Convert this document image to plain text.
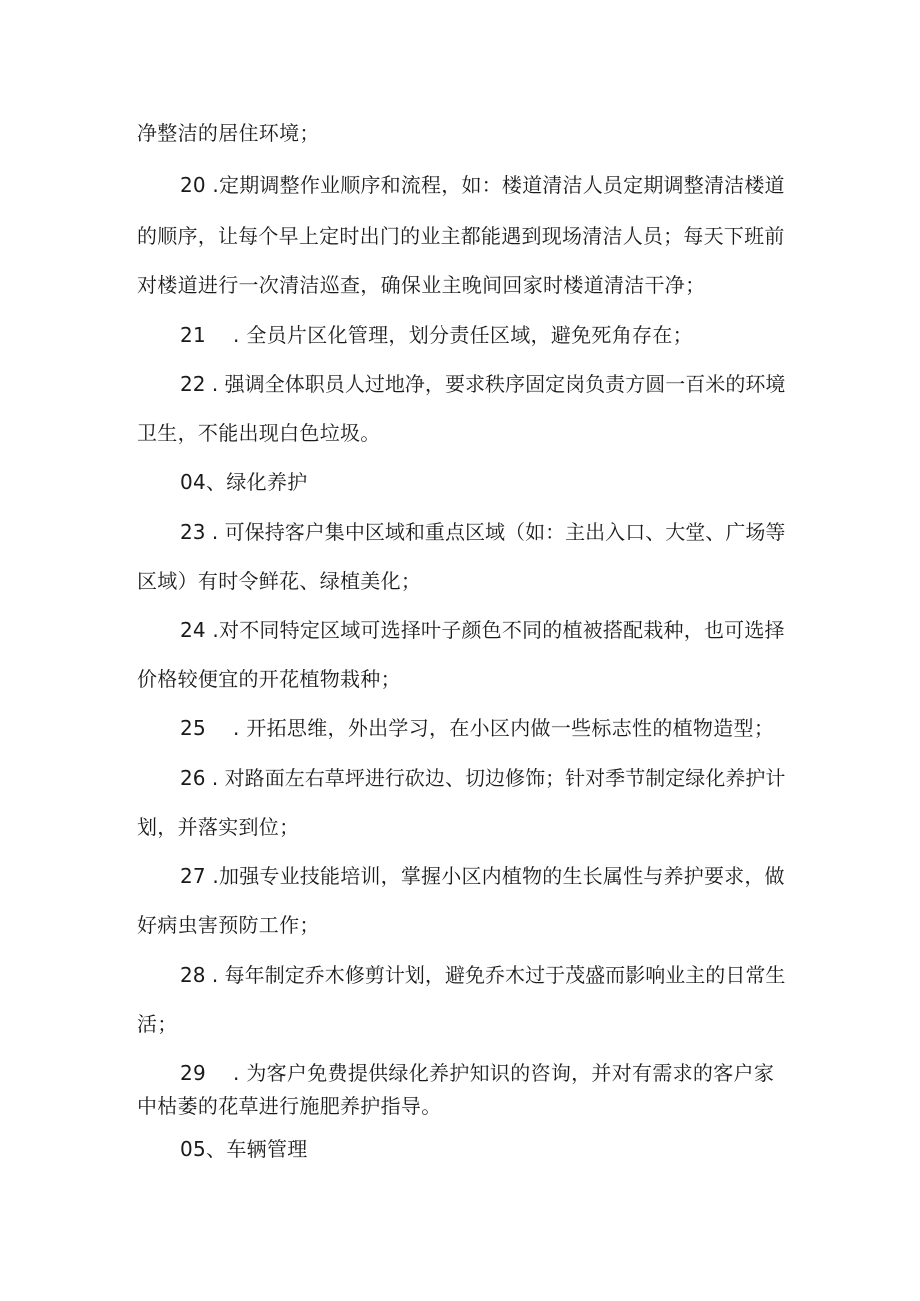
净整洁的居住环境；
20 .定期调整作业顺序和流程，如：楼道清洁人员定期调整清洁楼道
的顺序，让每个早上定时出门的业主都能遇到现场清洁人员；每天下班前
对楼道进行一次清洁巡查，确保业主晚间回家时楼道清洁干净；
21　 . 全员片区化管理，划分责任区域，避免死角存在；
22 . 强调全体职员人过地净，要求秩序固定岗负责方圆一百米的环境
卫生，不能出现白色垃圾。
04、绿化养护
23 . 可保持客户集中区域和重点区域（如：主出入口、大堂、广场等
区域）有时令鲜花、绿植美化；
24 .对不同特定区域可选择叶子颜色不同的植被搭配栽种，也可选择
价格较便宜的开花植物栽种；
25　 . 开拓思维，外出学习，在小区内做一些标志性的植物造型；
26 . 对路面左右草坪进行砍边、切边修饰；针对季节制定绿化养护计
划，并落实到位；
27 .加强专业技能培训，掌握小区内植物的生长属性与养护要求，做
好病虫害预防工作；
28 . 每年制定乔木修剪计划，避免乔木过于茂盛而影响业主的日常生
活；
29　 . 为客户免费提供绿化养护知识的咨询，并对有需求的客户家
中枯萎的花草进行施肥养护指导。
05、车辆管理
